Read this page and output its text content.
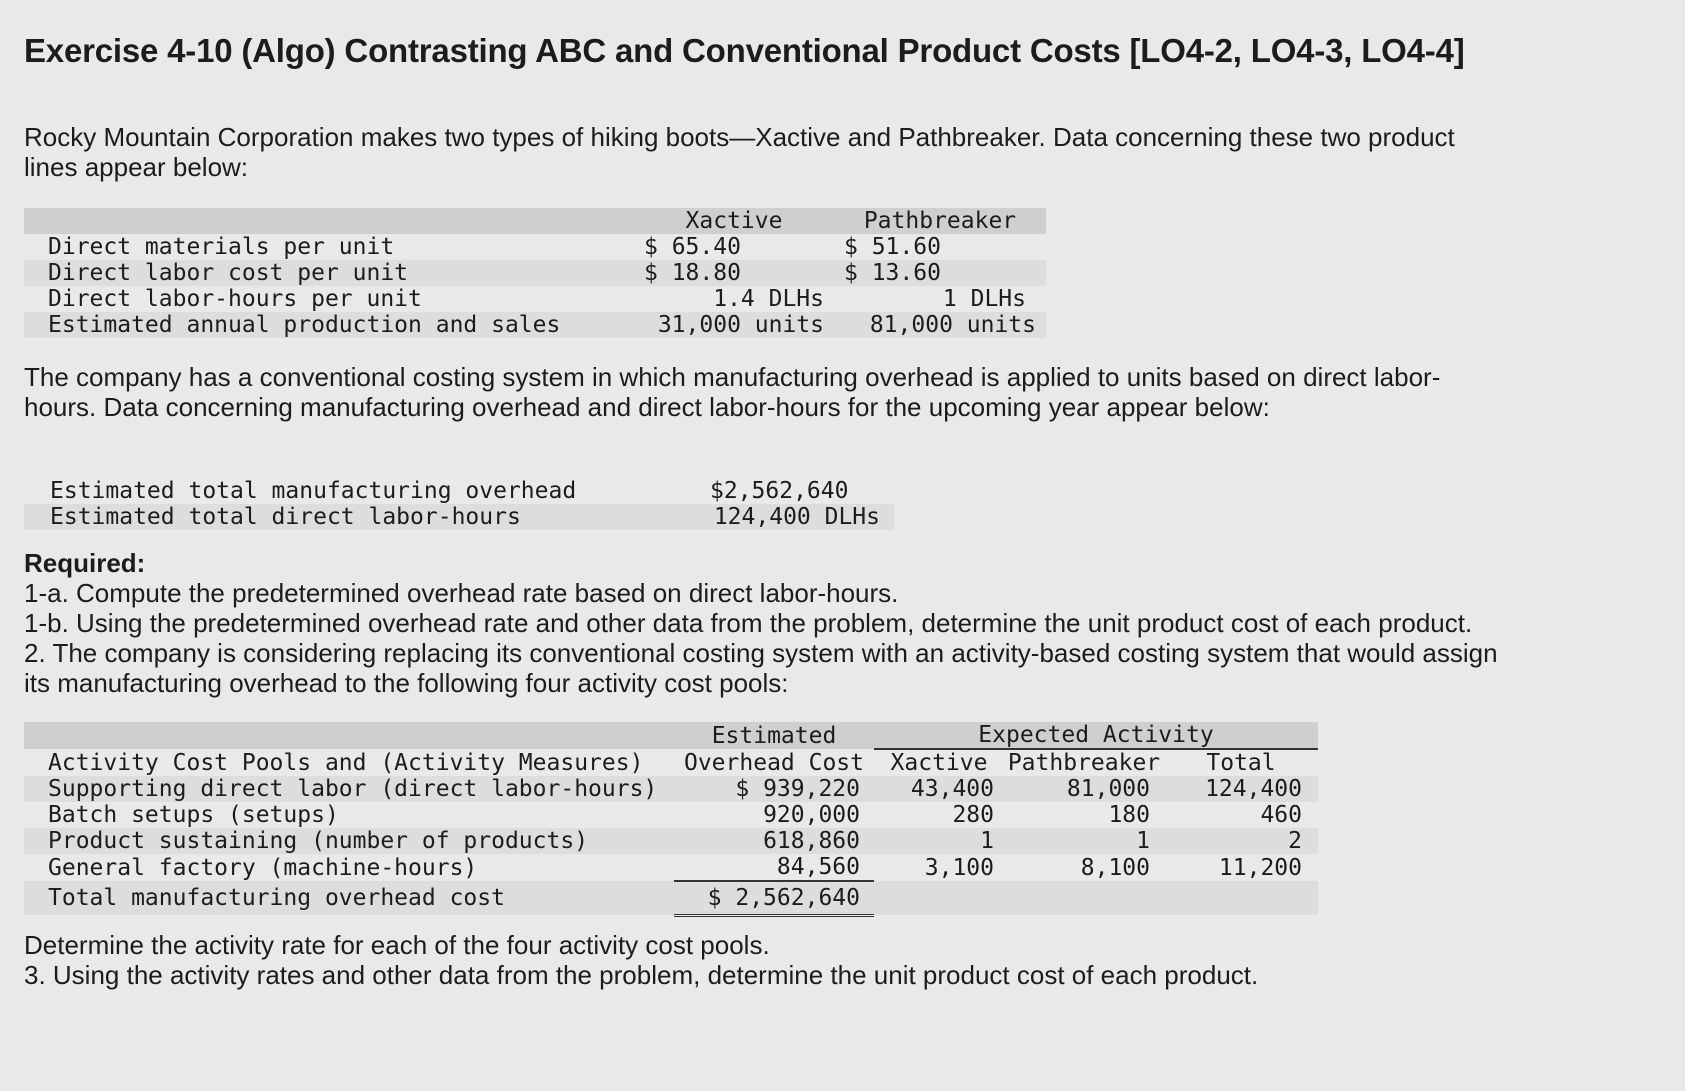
Exercise 4-10 (Algo) Contrasting ABC and Conventional Product Costs [LO4-2, LO4-3, LO4-4]
Rocky Mountain Corporation makes two types of hiking boots—Xactive and Pathbreaker. Data concerning these two product lines appear below:
	Xactive	Pathbreaker
Direct materials per unit	$ 65.40	$ 51.60
Direct labor cost per unit	$ 18.80	$ 13.60
Direct labor-hours per unit	1.4 DLHs	1 DLHs
Estimated annual production and sales	31,000 units	81,000 units
The company has a conventional costing system in which manufacturing overhead is applied to units based on direct labor-hours. Data concerning manufacturing overhead and direct labor-hours for the upcoming year appear below:
Estimated total manufacturing overhead	$2,562,640
Estimated total direct labor-hours	124,400 DLHs
Required:
1-a. Compute the predetermined overhead rate based on direct labor-hours.
1-b. Using the predetermined overhead rate and other data from the problem, determine the unit product cost of each product.
2. The company is considering replacing its conventional costing system with an activity-based costing system that would assign its manufacturing overhead to the following four activity cost pools:
	Estimated	Expected Activity		
Activity Cost Pools and (Activity Measures)	Overhead Cost	Xactive	Pathbreaker	Total
Supporting direct labor (direct labor-hours)	$ 939,220	43,400	81,000	124,400
Batch setups (setups)	920,000	280	180	460
Product sustaining (number of products)	618,860	1	1	2
General factory (machine-hours)	84,560	3,100	8,100	11,200
Total manufacturing overhead cost	$ 2,562,640			
Determine the activity rate for each of the four activity cost pools.
3. Using the activity rates and other data from the problem, determine the unit product cost of each product.
